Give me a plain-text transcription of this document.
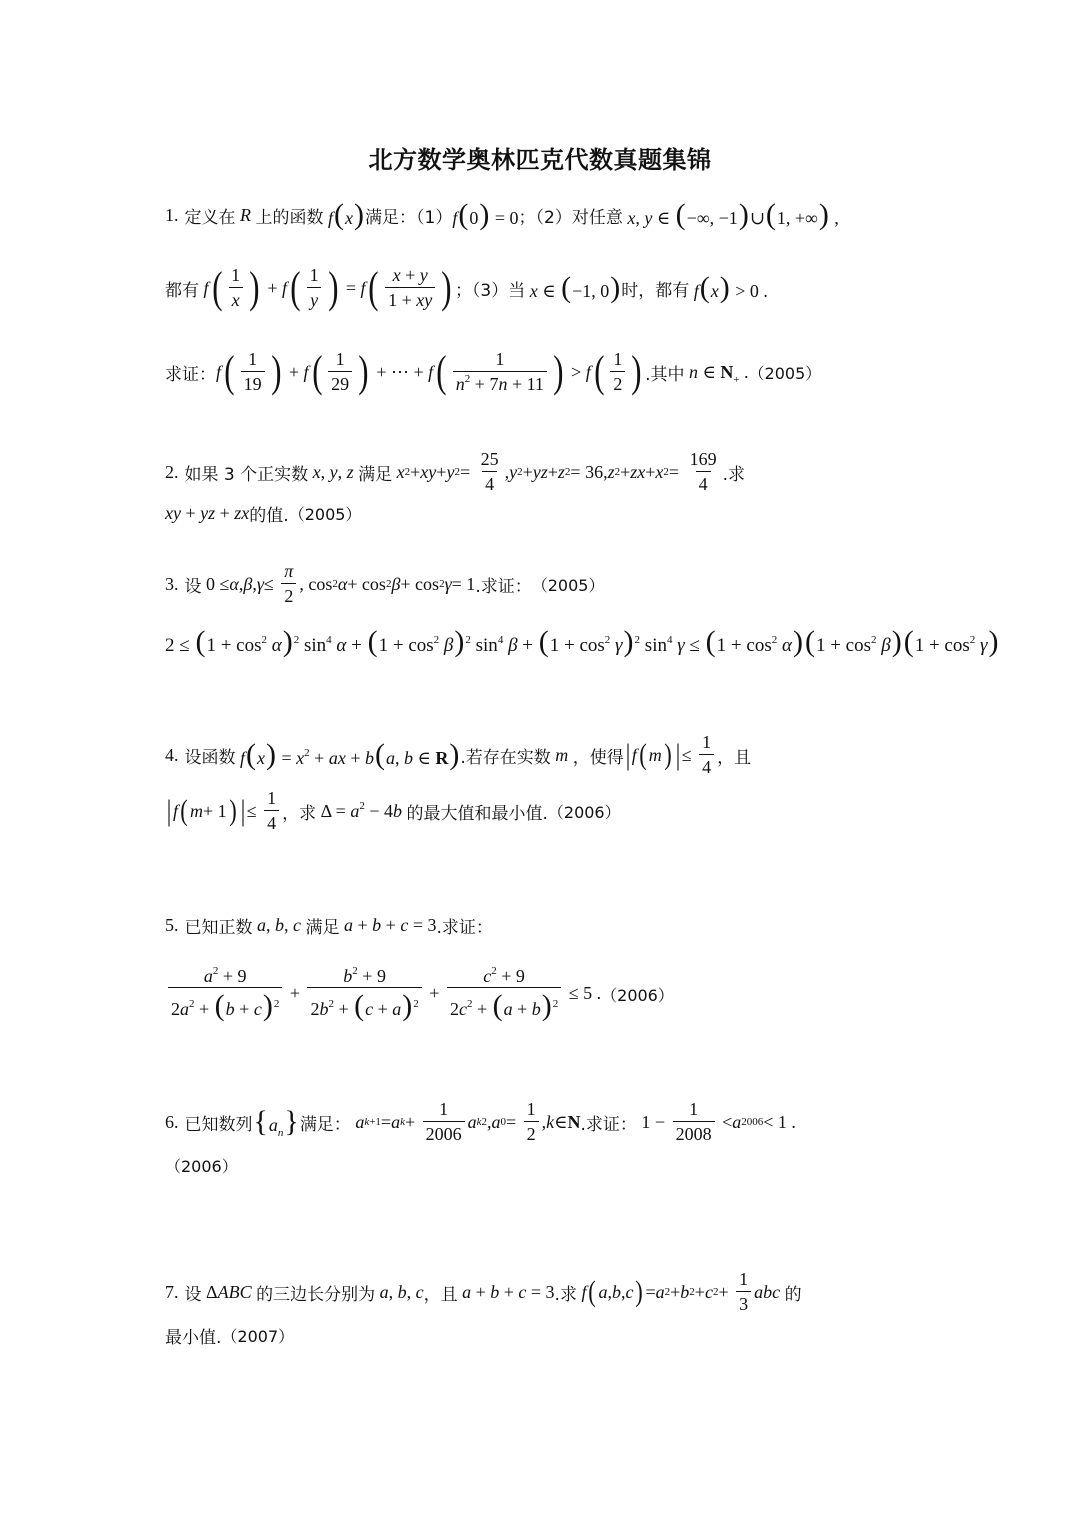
北方数学奥林匹克代数真题集锦
1. 定义在 R 上的函数 f(x) 满足：（1） f(0) = 0 ；（2）对任意 x, y ∈ (−∞, −1)∪(1, +∞) ,
都有
f ( $\frac{1}{x}$ ) + f ( $\frac{1}{y}$ ) = f ( $\frac{x + y}{1 + xy}$ ) ；（3）当 x ∈ (−1, 0) 时，都有 f(x) > 0 .
求证： f ( $\frac{1}{19}$ ) + f ( $\frac{1}{29}$ ) + ⋯ + f ( $\frac{1}{n^2 + 7n + 11}$ ) > f ( $\frac{1}{2}$ ) .其中 n ∈ $N_+$ . （2005）
2. 如果 3 个正实数 x, y, z 满足
x 2 + xy + y $2 = \frac{25}{4}$ , y 2 + yz + z 2 = 36, z 2 + zx + x $2 = \frac{169}{4}$ .求
xy + yz + zx 的值. （2005）
3. 设 0 ≤ α , β , $\gamma \le \frac{\pi}{2}$ , cos 2 α + cos 2 β + cos 2 γ = 1 .求证： （2005）
$2 \le (1 + \cos^2 \alpha)^2$ $\sin^4 \alpha + (1 + \cos^2 \beta)^2$ $\sin^4 \beta + (1 + \cos^2 \gamma)^2$ $\sin^4 \gamma \le (1 + \cos^2 \alpha)(1 + \cos^2 \beta)(1 + \cos^2 \gamma)$
4. 设函数 $f(x) = x^2$ + ax + b(a, b ∈ R) .若存在实数 m ，使得 | f ( m ) | ≤ $\frac{1}{4}$ ，且
| f ( m + 1 ) | ≤ $\frac{1}{4}$ ，求 $\Delta = a^2 - 4b$ 的最大值和最小值. （2006）
5. 已知正数 a, b, c 满足 a + b + c = 3 .求证：
$\frac{a^2 + 9}{2a^2 + (b + c)^2} + \frac{b^2 + 9}{2b^2 + (c + a)^2} + \frac{c^2 + 9}{2c^2 + (a + b)^2} \le 5$ . （2006）
6. 已知数列 $\{a_n\}$ 满足：
a k+1 = a $k + \frac{1}{2006}$ a k 2 , a $0 = \frac{1}{2}$ , k ∈ N .求证： $1 - \frac{1}{2008} < a$ 2006 < 1 .
（2006）
7. 设 ΔABC 的三边长分别为 a, b, c ，且 a + b + c = 3 .求
f ( a , b , c ) = a 2 + b 2 + c $2 + \frac{1}{3}$ abc
的
最小值. （2007）
